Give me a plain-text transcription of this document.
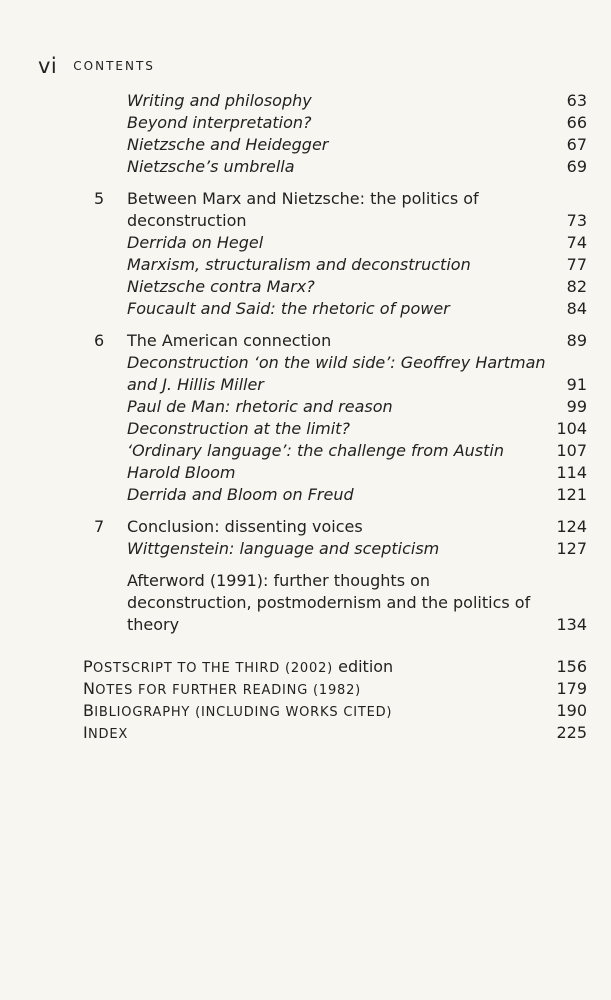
vi CONTENTS
Writing and philosophy	63
Beyond interpretation?	66
Nietzsche and Heidegger	67
Nietzsche’s umbrella	69
5 Between Marx and Nietzsche: the politics of
deconstruction	73
Derrida on Hegel	74
Marxism, structuralism and deconstruction	77
Nietzsche contra Marx?	82
Foucault and Said: the rhetoric of power	84
6 The American connection	89
Deconstruction ‘on the wild side’: Geoffrey Hartman
and J. Hillis Miller	91
Paul de Man: rhetoric and reason	99
Deconstruction at the limit?	104
‘Ordinary language’: the challenge from Austin	107
Harold Bloom	114
Derrida and Bloom on Freud	121
7 Conclusion: dissenting voices	124
Wittgenstein: language and scepticism	127
Afterword (1991): further thoughts on
deconstruction, postmodernism and the politics of
theory	134
POSTSCRIPT TO THE THIRD (2002) edition	156
NOTES FOR FURTHER READING (1982)	179
BIBLIOGRAPHY (INCLUDING WORKS CITED)	190
INDEX	225
